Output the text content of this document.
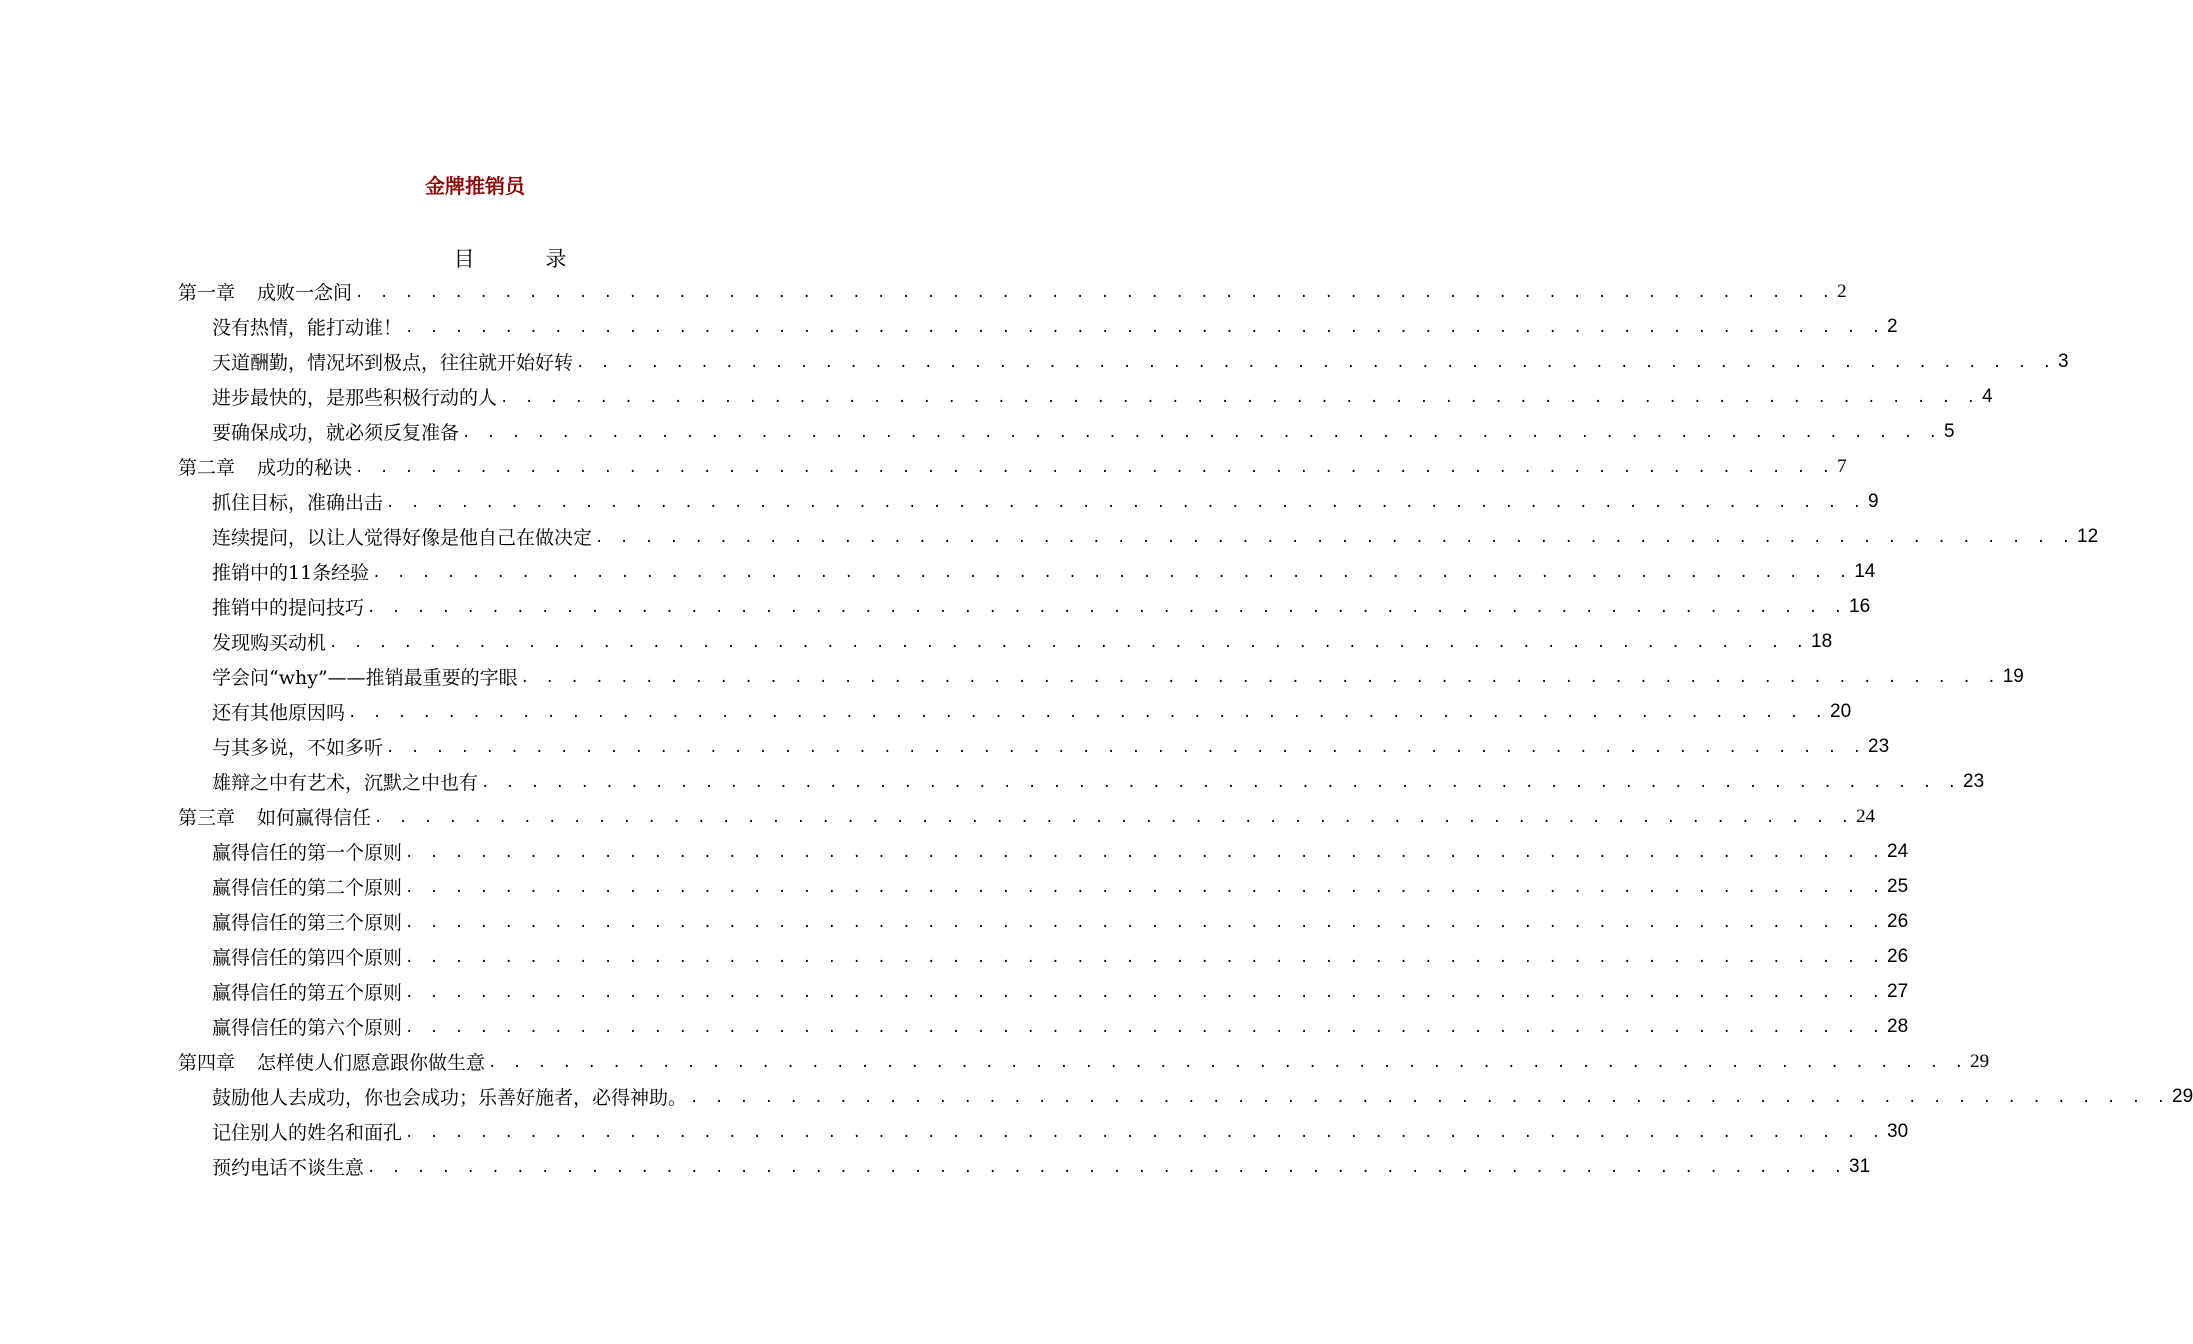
金牌推销员
目 录
第一章 成败一念间 . . . . . . . . . . . . . . . . . . . . . . . . . . . . . . . . . . . . . . . . . . . . . . . . . . . . . . . . . . . . 2
没有热情，能打动谁！ . . . . . . . . . . . . . . . . . . . . . . . . . . . . . . . . . . . . . . . . . . . . . . . . . . . . . . . . . . . . 2
天道酬勤，情况坏到极点，往往就开始好转 . . . . . . . . . . . . . . . . . . . . . . . . . . . . . . . . . . . . . . . . . . . . . . . . . . . . . . . . . . . . 3
进步最快的，是那些积极行动的人 . . . . . . . . . . . . . . . . . . . . . . . . . . . . . . . . . . . . . . . . . . . . . . . . . . . . . . . . . . . . 4
要确保成功，就必须反复准备 . . . . . . . . . . . . . . . . . . . . . . . . . . . . . . . . . . . . . . . . . . . . . . . . . . . . . . . . . . . . 5
第二章 成功的秘诀 . . . . . . . . . . . . . . . . . . . . . . . . . . . . . . . . . . . . . . . . . . . . . . . . . . . . . . . . . . . . 7
抓住目标，准确出击 . . . . . . . . . . . . . . . . . . . . . . . . . . . . . . . . . . . . . . . . . . . . . . . . . . . . . . . . . . . . 9
连续提问，以让人觉得好像是他自己在做决定 . . . . . . . . . . . . . . . . . . . . . . . . . . . . . . . . . . . . . . . . . . . . . . . . . . . . . . . . . . . . 12
推销中的11条经验 . . . . . . . . . . . . . . . . . . . . . . . . . . . . . . . . . . . . . . . . . . . . . . . . . . . . . . . . . . . . 14
推销中的提问技巧 . . . . . . . . . . . . . . . . . . . . . . . . . . . . . . . . . . . . . . . . . . . . . . . . . . . . . . . . . . . . 16
发现购买动机 . . . . . . . . . . . . . . . . . . . . . . . . . . . . . . . . . . . . . . . . . . . . . . . . . . . . . . . . . . . . 18
学会问“why”——推销最重要的字眼 . . . . . . . . . . . . . . . . . . . . . . . . . . . . . . . . . . . . . . . . . . . . . . . . . . . . . . . . . . . . 19
还有其他原因吗 . . . . . . . . . . . . . . . . . . . . . . . . . . . . . . . . . . . . . . . . . . . . . . . . . . . . . . . . . . . . 20
与其多说，不如多听 . . . . . . . . . . . . . . . . . . . . . . . . . . . . . . . . . . . . . . . . . . . . . . . . . . . . . . . . . . . . 23
雄辩之中有艺术，沉默之中也有 . . . . . . . . . . . . . . . . . . . . . . . . . . . . . . . . . . . . . . . . . . . . . . . . . . . . . . . . . . . . 23
第三章 如何赢得信任 . . . . . . . . . . . . . . . . . . . . . . . . . . . . . . . . . . . . . . . . . . . . . . . . . . . . . . . . . . . . 24
赢得信任的第一个原则 . . . . . . . . . . . . . . . . . . . . . . . . . . . . . . . . . . . . . . . . . . . . . . . . . . . . . . . . . . . . 24
赢得信任的第二个原则 . . . . . . . . . . . . . . . . . . . . . . . . . . . . . . . . . . . . . . . . . . . . . . . . . . . . . . . . . . . . 25
赢得信任的第三个原则 . . . . . . . . . . . . . . . . . . . . . . . . . . . . . . . . . . . . . . . . . . . . . . . . . . . . . . . . . . . . 26
赢得信任的第四个原则 . . . . . . . . . . . . . . . . . . . . . . . . . . . . . . . . . . . . . . . . . . . . . . . . . . . . . . . . . . . . 26
赢得信任的第五个原则 . . . . . . . . . . . . . . . . . . . . . . . . . . . . . . . . . . . . . . . . . . . . . . . . . . . . . . . . . . . . 27
赢得信任的第六个原则 . . . . . . . . . . . . . . . . . . . . . . . . . . . . . . . . . . . . . . . . . . . . . . . . . . . . . . . . . . . . 28
第四章 怎样使人们愿意跟你做生意 . . . . . . . . . . . . . . . . . . . . . . . . . . . . . . . . . . . . . . . . . . . . . . . . . . . . . . . . . . . . 29
鼓励他人去成功，你也会成功；乐善好施者，必得神助。 . . . . . . . . . . . . . . . . . . . . . . . . . . . . . . . . . . . . . . . . . . . . . . . . . . . . . . . . . . . . 29
记住别人的姓名和面孔 . . . . . . . . . . . . . . . . . . . . . . . . . . . . . . . . . . . . . . . . . . . . . . . . . . . . . . . . . . . . 30
预约电话不谈生意 . . . . . . . . . . . . . . . . . . . . . . . . . . . . . . . . . . . . . . . . . . . . . . . . . . . . . . . . . . . . 31
